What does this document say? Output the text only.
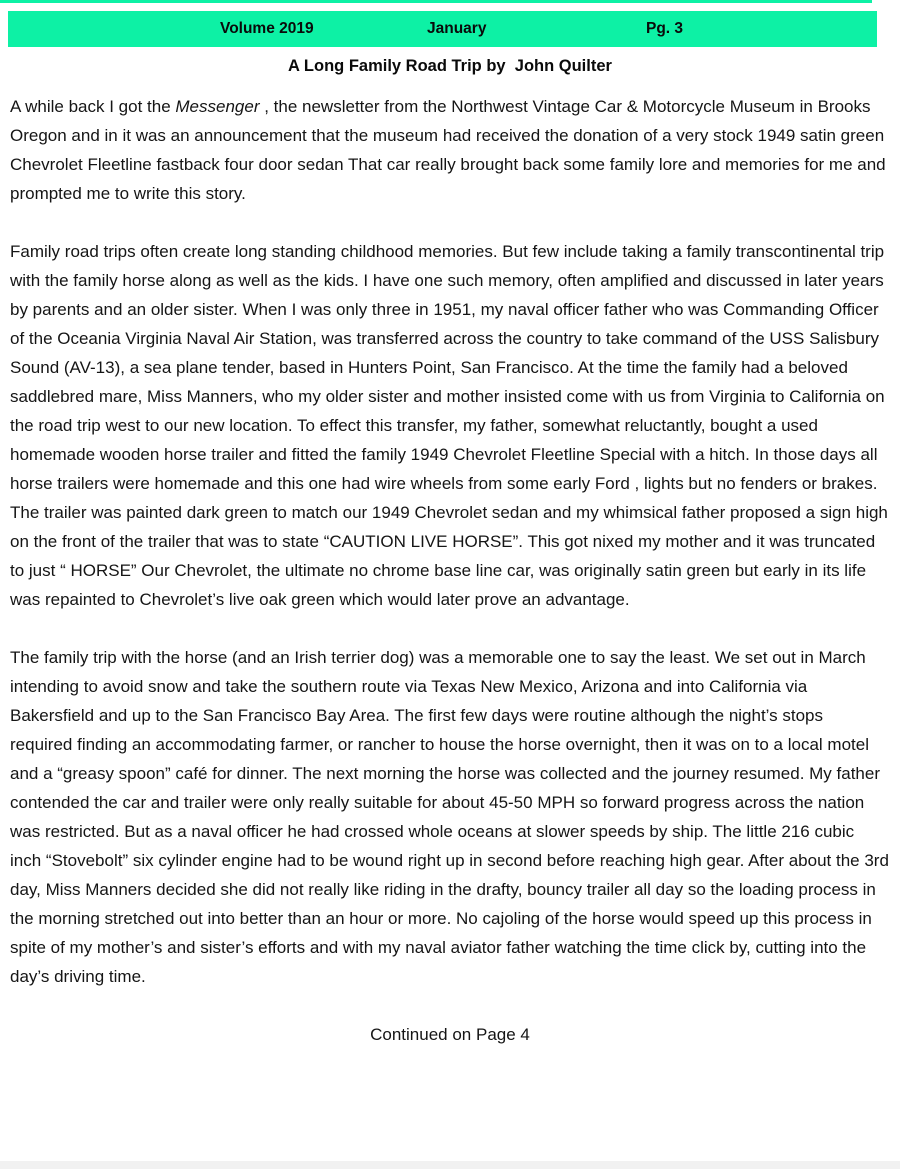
Volume 2019	January	Pg. 3
A Long Family Road Trip by  John Quilter

A while back I got the Messenger , the newsletter from the Northwest Vintage Car & Motorcycle Museum in Brooks Oregon and in it was an announcement that the museum had received the donation of a very stock 1949 satin green Chevrolet Fleetline fastback four door sedan That car really brought back some family lore and memories for me and prompted me to write this story.

Family road trips often create long standing childhood memories. But few include taking a family transcontinental trip with the family horse along as well as the kids. I have one such memory, often amplified and discussed in later years by parents and an older sister. When I was only three in 1951, my naval officer father who was Commanding Officer of the Oceania Virginia Naval Air Station, was transferred across the country to take command of the USS Salisbury Sound (AV-13), a sea plane tender, based in Hunters Point, San Francisco. At the time the family had a beloved saddlebred mare, Miss Manners, who my older sister and mother insisted come with us from Virginia to California on the road trip west to our new location. To effect this transfer, my father, somewhat reluctantly, bought a used homemade wooden horse trailer and fitted the family 1949 Chevrolet Fleetline Special with a hitch. In those days all horse trailers were homemade and this one had wire wheels from some early Ford , lights but no fenders or brakes. The trailer was painted dark green to match our 1949 Chevrolet sedan and my whimsical father proposed a sign high on the front of the trailer that was to state “CAUTION LIVE HORSE”. This got nixed my mother and it was truncated to just “ HORSE” Our Chevrolet, the ultimate no chrome base line car, was originally satin green but early in its life was repainted to Chevrolet’s live oak green which would later prove an advantage.

The family trip with the horse (and an Irish terrier dog) was a memorable one to say the least. We set out in March intending to avoid snow and take the southern route via Texas New Mexico, Arizona and into California via Bakersfield and up to the San Francisco Bay Area. The first few days were routine although the night’s stops required finding an accommodating farmer, or rancher to house the horse overnight, then it was on to a local motel and a “greasy spoon” café for dinner. The next morning the horse was collected and the journey resumed. My father contended the car and trailer were only really suitable for about 45-50 MPH so forward progress across the nation was restricted. But as a naval officer he had crossed whole oceans at slower speeds by ship. The little 216 cubic inch “Stovebolt” six cylinder engine had to be wound right up in second before reaching high gear. After about the 3rd day, Miss Manners decided she did not really like riding in the drafty, bouncy trailer all day so the loading process in the morning stretched out into better than an hour or more. No cajoling of the horse would speed up this process in spite of my mother’s and sister’s efforts and with my naval aviator father watching the time click by, cutting into the day’s driving time.

Continued on Page 4
